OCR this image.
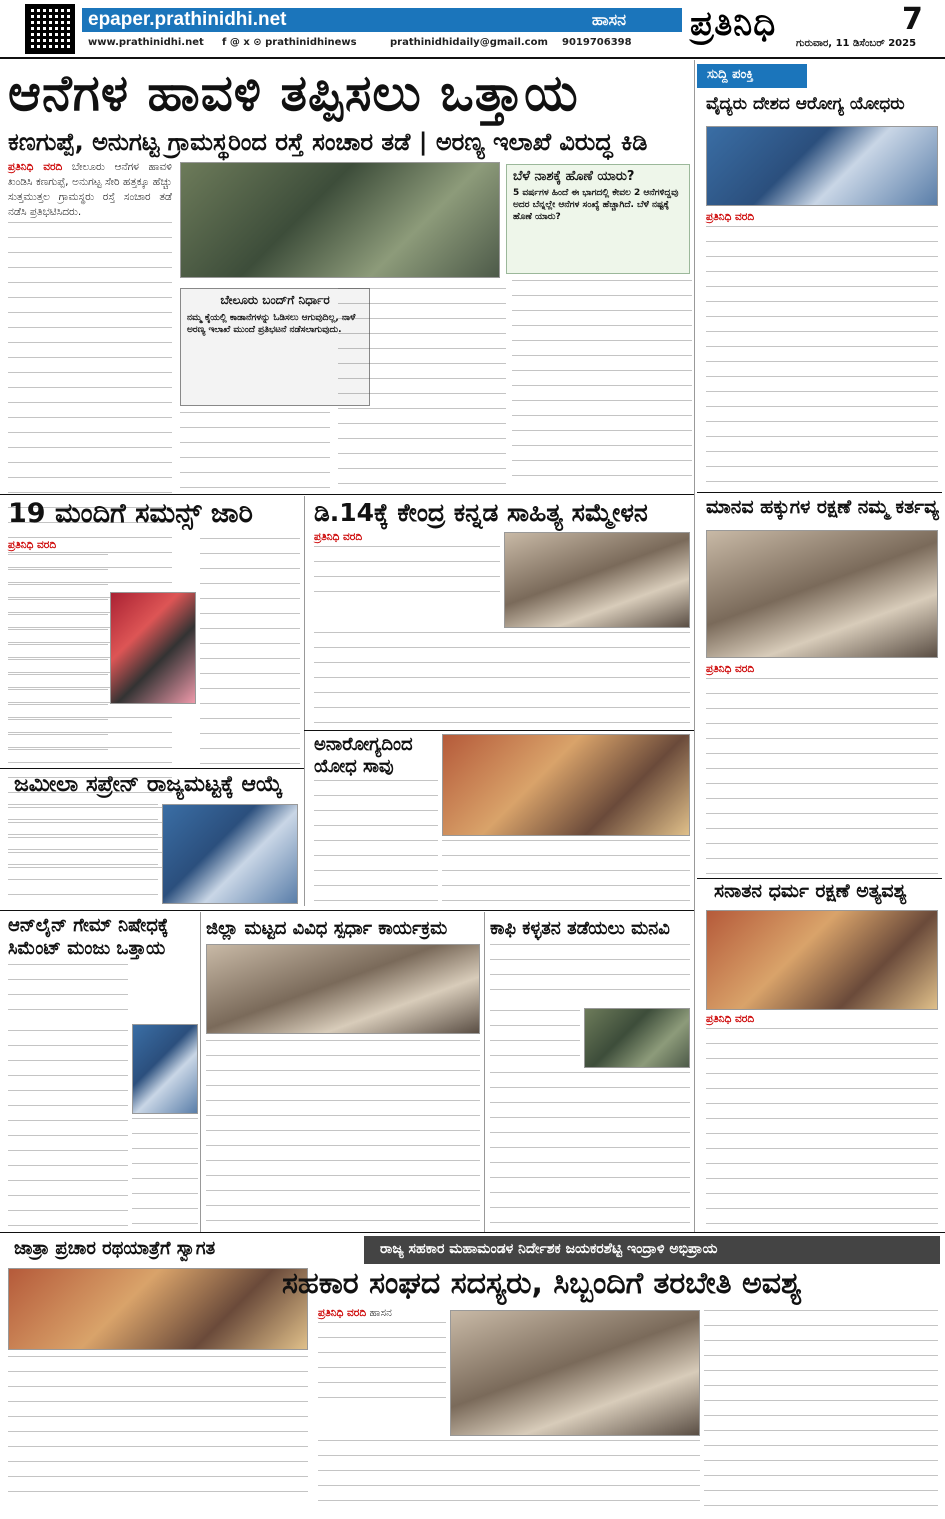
epaper.prathinidhi.net	ಹಾಸನ
www.prathinidhi.net f @ x ⊙ prathinidhinews	prathinidhidaily@gmail.com 9019706398 ಪ್ರತಿನಿಧಿ	7
ಗುರುವಾರ, 11 ಡಿಸೆಂಬರ್ 2025
ಆನೆಗಳ ಹಾವಳಿ ತಪ್ಪಿಸಲು ಒತ್ತಾಯ
ಕಣಗುಪ್ಪೆ, ಅನುಗಟ್ಟ ಗ್ರಾಮಸ್ಥರಿಂದ ರಸ್ತೆ ಸಂಚಾರ ತಡೆ | ಅರಣ್ಯ ಇಲಾಖೆ ವಿರುದ್ಧ ಕಿಡಿ
ಪ್ರತಿನಿಧಿ ವರದಿ ಬೇಲೂರು ಆನೆಗಳ ಹಾವಳಿ ಖಂಡಿಸಿ ಕಣಗುಪ್ಪೆ, ಅನುಗಟ್ಟ ಸೇರಿ ಹತ್ತಕ್ಕೂ ಹೆಚ್ಚು ಸುತ್ತಮುತ್ತಲ ಗ್ರಾಮಸ್ಥರು ರಸ್ತೆ ಸಂಚಾರ ತಡೆ ನಡೆಸಿ ಪ್ರತಿಭಟಿಸಿದರು.
ಬೆಳೆ ನಾಶಕ್ಕೆ ಹೊಣೆ ಯಾರು?

5 ವರ್ಷಗಳ ಹಿಂದೆ ಈ ಭಾಗದಲ್ಲಿ ಕೇವಲ 2 ಆನೆಗಳಿದ್ದವು ಅದರ ಬೆನ್ನಲ್ಲೇ ಆನೆಗಳ ಸಂಖ್ಯೆ ಹೆಚ್ಚಾಗಿದೆ. ಬೆಳೆ ನಷ್ಟಕ್ಕೆ ಹೊಣೆ ಯಾರು?

ಬೇಲೂರು ಬಂದ್‌ಗೆ ನಿರ್ಧಾರ

ನಮ್ಮ ಕೈಯಲ್ಲಿ ಕಾಡಾನೆಗಳನ್ನು ಓಡಿಸಲು ಆಗುವುದಿಲ್ಲ, ನಾಳೆ ಅರಣ್ಯ ಇಲಾಖೆ ಮುಂದೆ ಪ್ರತಿಭಟನೆ ನಡೆಸಲಾಗುವುದು.

ಸುದ್ದಿ ಪಂಕ್ತಿ
ವೈದ್ಯರು ದೇಶದ ಆರೋಗ್ಯ ಯೋಧರು
ಪ್ರತಿನಿಧಿ ವರದಿ
ಮಾನವ ಹಕ್ಕುಗಳ ರಕ್ಷಣೆ ನಮ್ಮ ಕರ್ತವ್ಯ
ಪ್ರತಿನಿಧಿ ವರದಿ
ಸನಾತನ ಧರ್ಮ ರಕ್ಷಣೆ ಅತ್ಯವಶ್ಯ
ಪ್ರತಿನಿಧಿ ವರದಿ
19 ಮಂದಿಗೆ ಸಮನ್ಸ್ ಜಾರಿ
ಪ್ರತಿನಿಧಿ ವರದಿ
ಡಿ.14ಕ್ಕೆ ಕೇಂದ್ರ ಕನ್ನಡ ಸಾಹಿತ್ಯ ಸಮ್ಮೇಳನ
ಪ್ರತಿನಿಧಿ ವರದಿ
ಜಮೀಲಾ ಸಪ್ರೇನ್ ರಾಜ್ಯಮಟ್ಟಕ್ಕೆ ಆಯ್ಕೆ
ಅನಾರೋಗ್ಯದಿಂದ ಯೋಧ ಸಾವು
ಆನ್‌ಲೈನ್ ಗೇಮ್ ನಿಷೇಧಕ್ಕೆ ಸಿಮೆಂಟ್ ಮಂಜು ಒತ್ತಾಯ
ಜಿಲ್ಲಾ ಮಟ್ಟದ ವಿವಿಧ ಸ್ಪರ್ಧಾ ಕಾರ್ಯಕ್ರಮ ಕಾಫಿ ಕಳ್ಳತನ ತಡೆಯಲು ಮನವಿ
ಜಾತ್ರಾ ಪ್ರಚಾರ ರಥಯಾತ್ರೆಗೆ ಸ್ವಾಗತ	ರಾಜ್ಯ ಸಹಕಾರ ಮಹಾಮಂಡಳ ನಿರ್ದೇಶಕ ಜಯಕರಶೆಟ್ಟಿ ಇಂದ್ರಾಳಿ ಅಭಿಪ್ರಾಯ
ಸಹಕಾರ ಸಂಘದ ಸದಸ್ಯರು, ಸಿಬ್ಬಂದಿಗೆ ತರಬೇತಿ ಅವಶ್ಯ
ಪ್ರತಿನಿಧಿ ವರದಿ ಹಾಸನ
